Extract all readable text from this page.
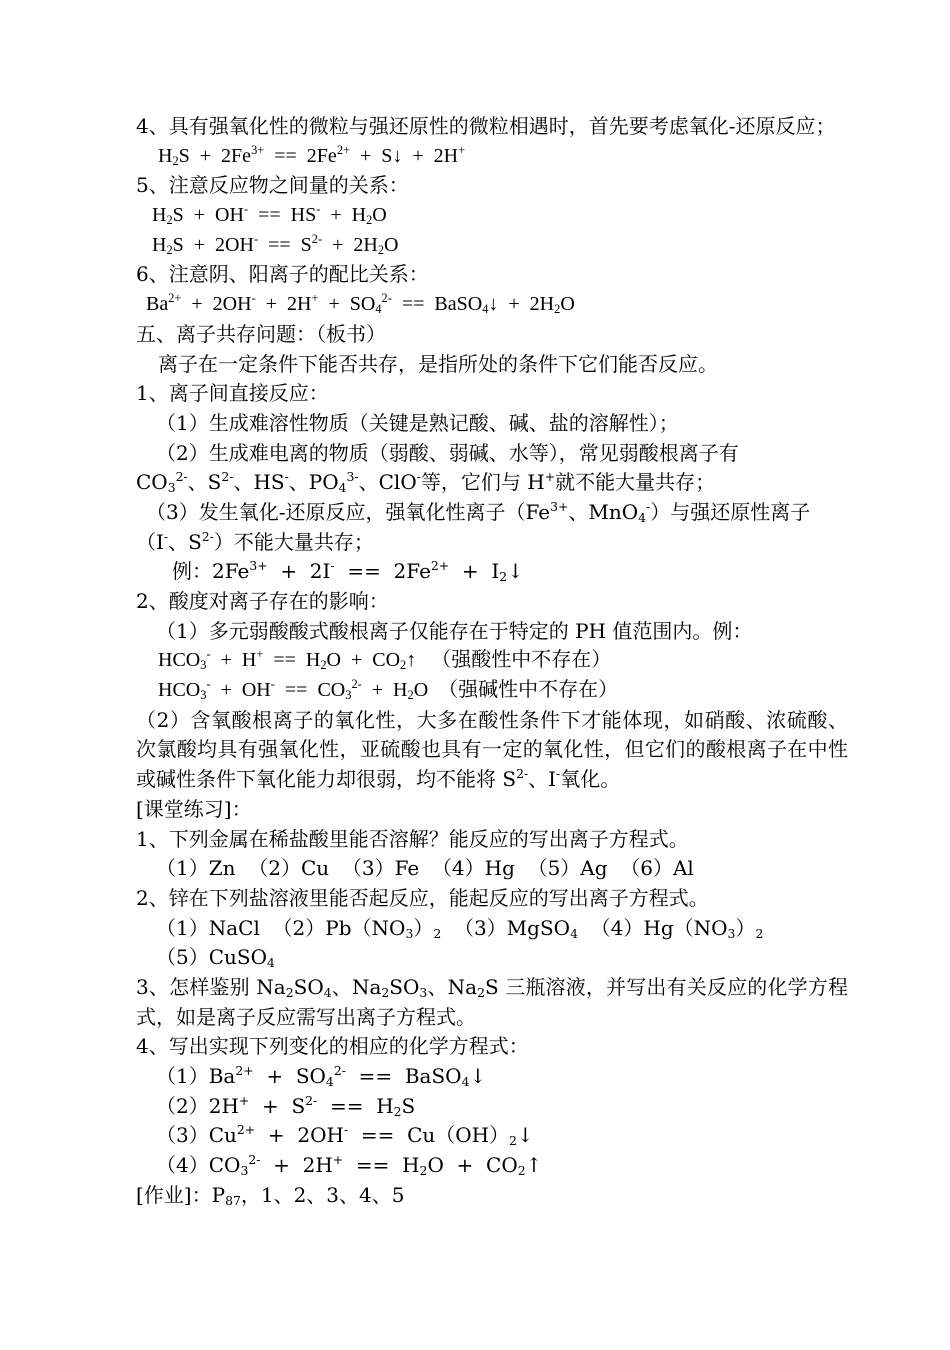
4、具有强氧化性的微粒与强还原性的微粒相遇时，首先要考虑氧化-还原反应；
$H_2S + 2Fe^{3+} == 2Fe^{2+}$  +  S↓  +  2H+
5、注意反应物之间量的关系：
$H_2S + OH^- == HS^- + H_2O$
$H_2S + 2OH^- == S^{2-} + 2H_2O$
6、注意阴、阳离子的配比关系：
$Ba^{2+} + 2OH^- + 2H^+ + SO_4^{2-}$  ==  BaSO$_4$↓  +  $2H_2O$
五、离子共存问题：（板书）
离子在一定条件下能否共存，是指所处的条件下它们能否反应。
1、离子间直接反应：
（1）生成难溶性物质（关键是熟记酸、碱、盐的溶解性）；
（2）生成难电离的物质（弱酸、弱碱、水等），常见弱酸根离子有
$CO_3^{2-}$、$S^{2-}$、HS-、$PO_4^{3-}$、ClO-等，它们与 H+就不能大量共存；
（3）发生氧化-还原反应，强氧化性离子（$Fe^{3+}$、MnO$_4$-）与强还原性离子
（I-、$S^{2-}$）不能大量共存；
例：$2Fe^{3+} + 2I^- == 2Fe^{2+}$  +  $I_2↓$
2、酸度对离子存在的影响：
（1）多元弱酸酸式酸根离子仅能存在于特定的 PH 值范围内。例：
$HCO_3^- + H^+ == H_2O$  +  $CO_2↑$   （强酸性中不存在）
$HCO_3^- + OH^- == CO_3^{2-} + H_2O$  （强碱性中不存在）
（2）含氧酸根离子的氧化性，大多在酸性条件下才能体现，如硝酸、浓硫酸、次氯酸均具有强氧化性，亚硫酸也具有一定的氧化性，但它们的酸根离子在中性或碱性条件下氧化能力却很弱，均不能将 $S^{2-}$、I-氧化。
[课堂练习]：
1、下列金属在稀盐酸里能否溶解？能反应的写出离子方程式。
（1）Zn  （2）Cu  （3）Fe  （4）Hg  （5）Ag  （6）Al
2、锌在下列盐溶液里能否起反应，能起反应的写出离子方程式。
（1）NaCl  $(2)Pb(NO_3)_2$  （3）MgSO$_4$  $(4)Hg(NO_3)_2$
（5）CuSO$_4$
3、怎样鉴别 $Na_2SO_4$、$Na_2SO_3$、$Na_2S$ 三瓶溶液，并写出有关反应的化学方程式，如是离子反应需写出离子方程式。
4、写出实现下列变化的相应的化学方程式：
$(1)Ba^{2+} + SO_4^{2-}$  ==  BaSO$_4$↓
$(2)2H^+ + S^{2-} == H_2S$
$(3)Cu^{2+} + 2OH^-$  ==  $Cu(OH)_2↓$
$(4)CO_3^{2-} + 2H^+ == H_2O$  +  $CO_2↑$
[作业]：$P_{87}$，1、2、3、4、5
